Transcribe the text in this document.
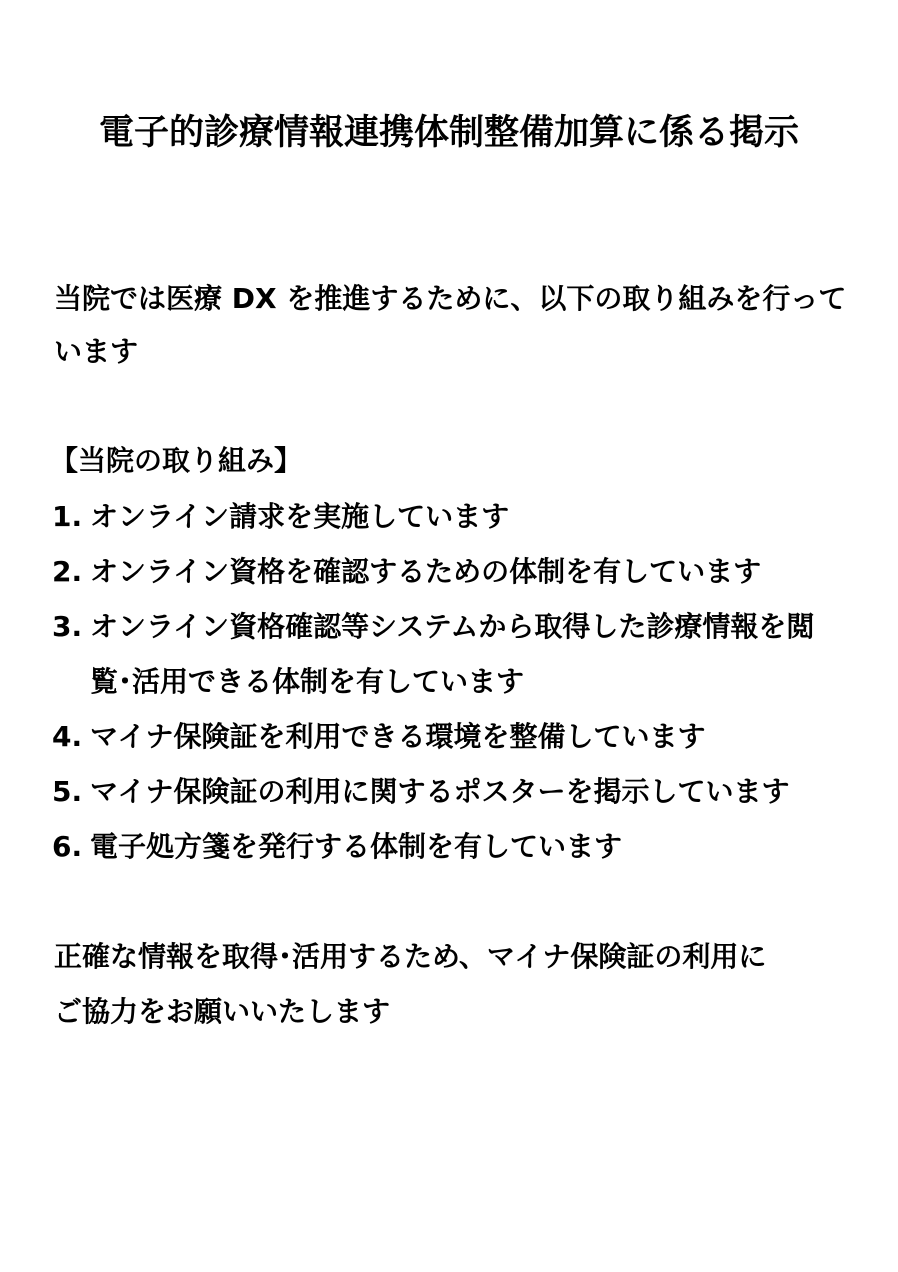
電子的診療情報連携体制整備加算に係る掲示
当院では医療 DX を推進するために、以下の取り組みを行って
います
【当院の取り組み】
1. オンライン請求を実施しています
2. オンライン資格を確認するための体制を有しています
3. オンライン資格確認等システムから取得した診療情報を閲
覧･活用できる体制を有しています
4. マイナ保険証を利用できる環境を整備しています
5. マイナ保険証の利用に関するポスターを掲示しています
6. 電子処方箋を発行する体制を有しています
正確な情報を取得･活用するため、マイナ保険証の利用に
ご協力をお願いいたします
